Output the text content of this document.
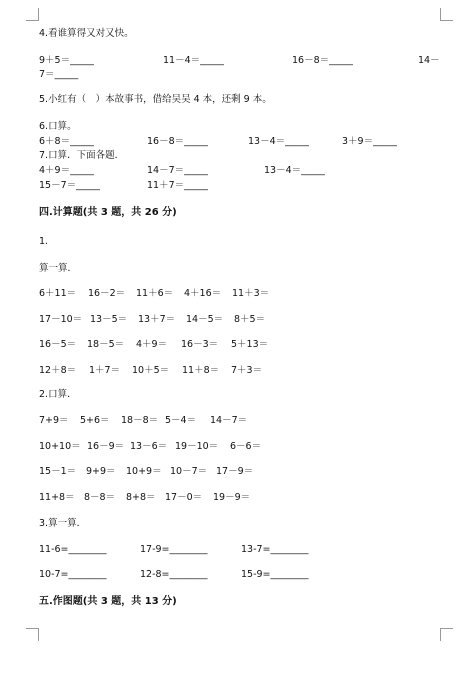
4.看谁算得又对又快。
9＋5＝_____	11－4＝_____	16－8＝_____	14－
7＝_____
5.小红有（　）本故事书，借给吴吴 4 本，还剩 9 本。
6.口算。
6＋8＝_____	16－8＝_____	13－4＝_____	3＋9＝_____
7.口算．下面各题．
4＋9＝_____	14－7＝_____	13－4＝_____
15－7＝_____	11＋7＝_____
四.计算题(共 3 题，共 26 分)
1.
算一算．
6＋11＝ 16－2＝ 11＋6＝ 4＋16＝ 11＋3＝
17－10＝ 13－5＝ 13＋7＝ 14－5＝ 8＋5＝
16－5＝ 18－5＝ 4＋9＝ 16－3＝ 5＋13＝
12＋8＝ 1＋7＝ 10＋5＝ 11＋8＝ 7＋3＝
2.口算．
7+9＝ 5+6＝ 18－8＝ 5－4＝ 14－7＝
10+10＝ 16－9＝ 13－6＝ 19－10＝ 6－6＝
15－1＝ 9+9＝ 10+9＝ 10－7＝ 17－9＝
11+8＝ 8－8＝ 8+8＝ 17－0＝ 19－9＝
3.算一算．
11-6=________	17-9=________	13-7=________
10-7=________	12-8=________	15-9=________
五.作图题(共 3 题，共 13 分)
